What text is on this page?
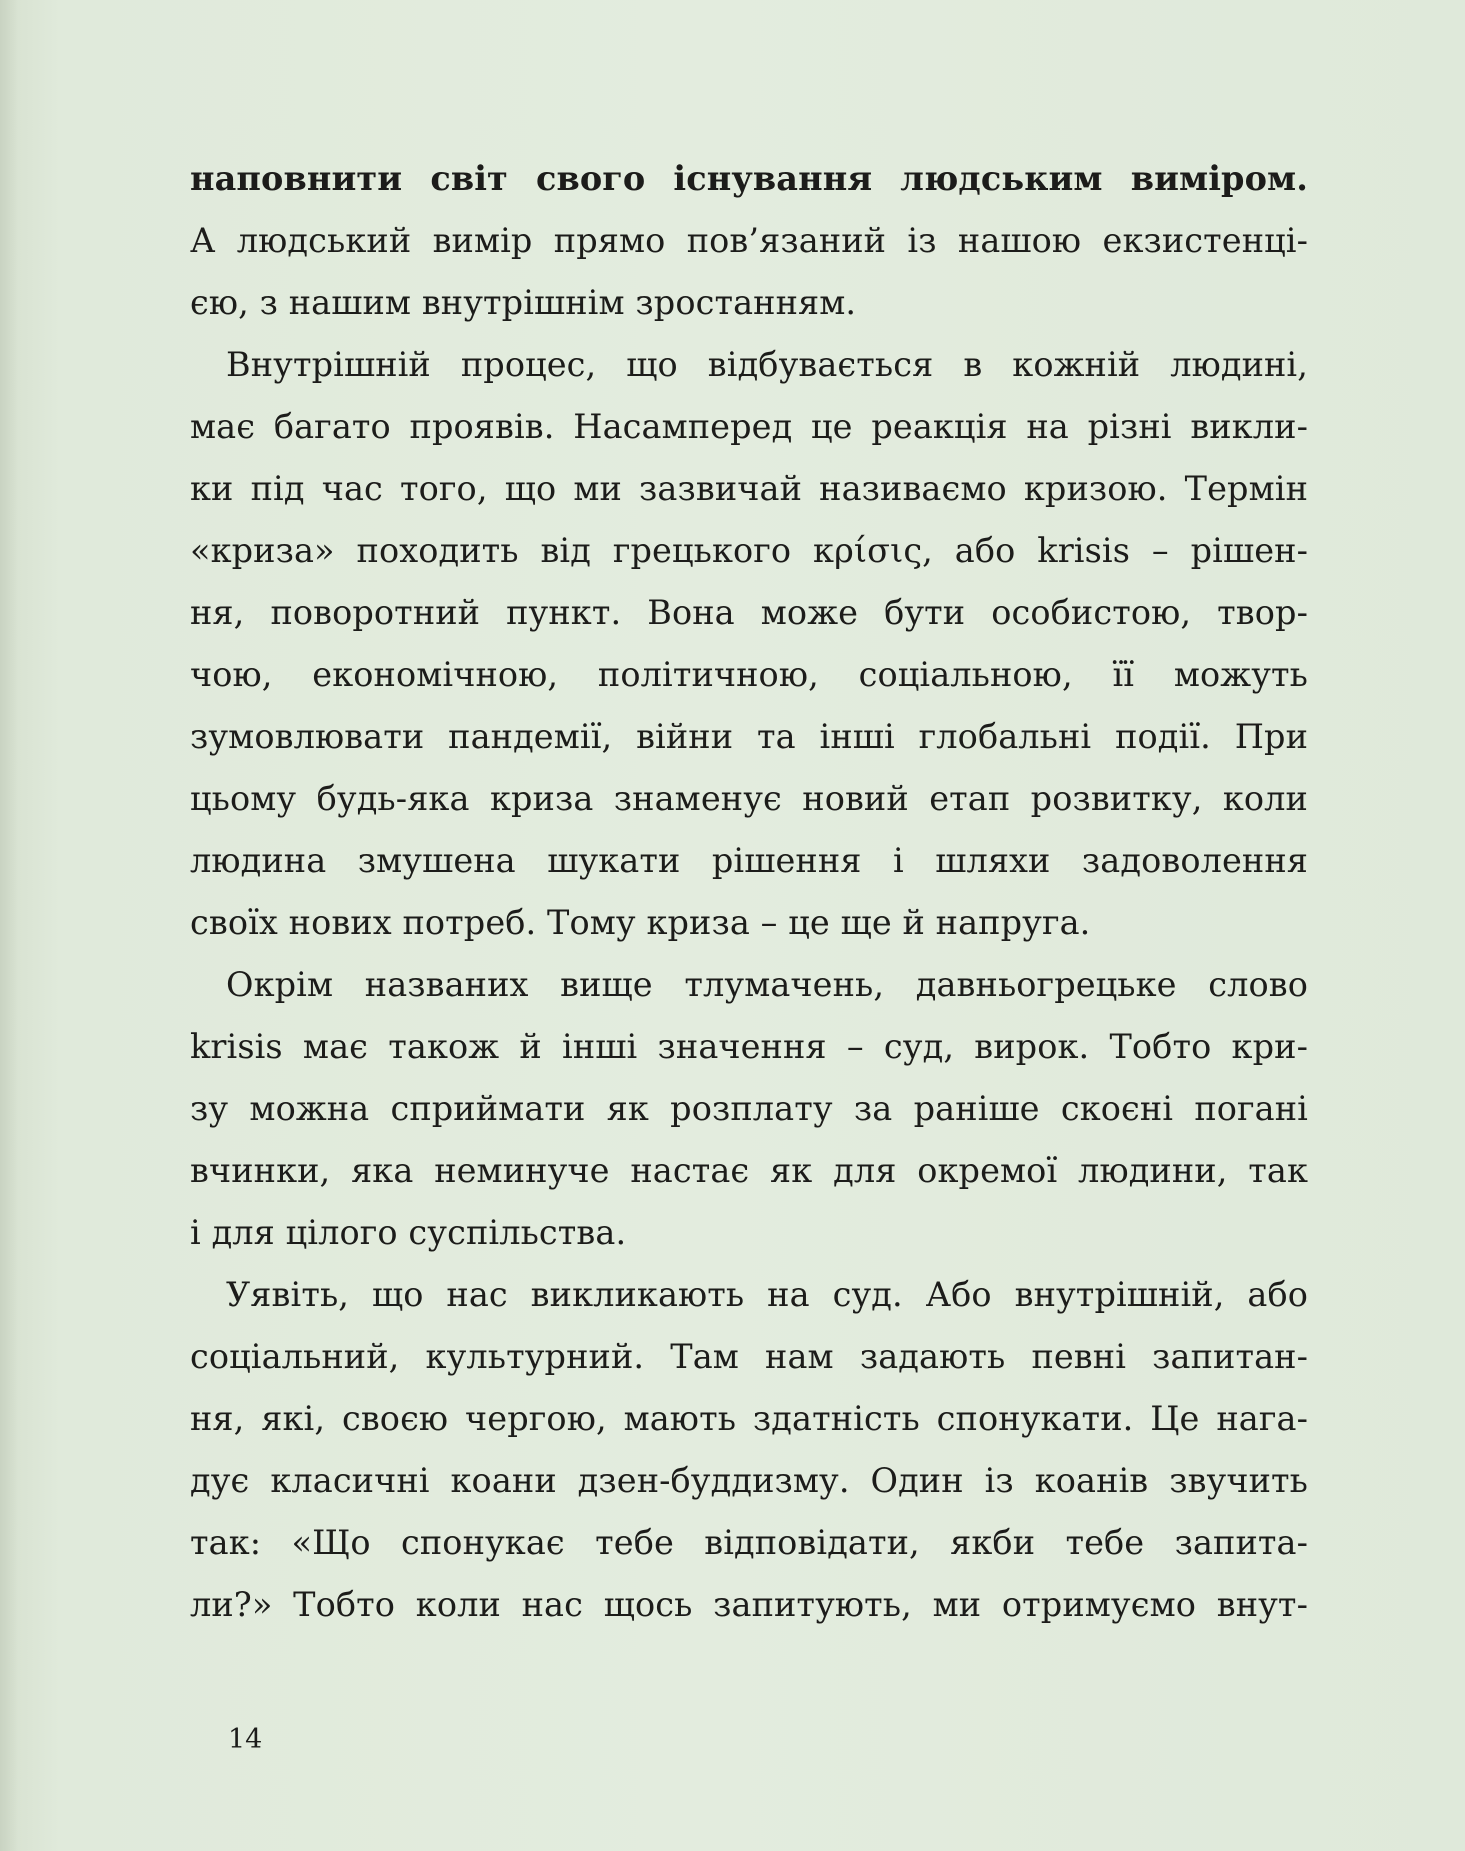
наповнити світ свого існування людським виміром.
А людський вимір прямо пов’язаний із нашою екзистенці-
єю, з нашим внутрішнім зростанням.
Внутрішній процес, що відбувається в кожній людині,
має багато проявів. Насамперед це реакція на різні викли-
ки під час того, що ми зазвичай називаємо кризою. Термін
«криза» походить від грецького κρίσις, або krisis – рішен-
ня, поворотний пункт. Вона може бути особистою, твор-
чою, економічною, політичною, соціальною, її можуть
зумовлювати пандемії, війни та інші глобальні події. При
цьому будь-яка криза знаменує новий етап розвитку, коли
людина змушена шукати рішення і шляхи задоволення
своїх нових потреб. Тому криза – це ще й напруга.
Окрім названих вище тлумачень, давньогрецьке слово
krisis має також й інші значення – суд, вирок. Тобто кри-
зу можна сприймати як розплату за раніше скоєні погані
вчинки, яка неминуче настає як для окремої людини, так
і для цілого суспільства.
Уявіть, що нас викликають на суд. Або внутрішній, або
соціальний, культурний. Там нам задають певні запитан-
ня, які, своєю чергою, мають здатність спонукати. Це нага-
дує класичні коани дзен-буддизму. Один із коанів звучить
так: «Що спонукає тебе відповідати, якби тебе запита-
ли?» Тобто коли нас щось запитують, ми отримуємо внут-
14
